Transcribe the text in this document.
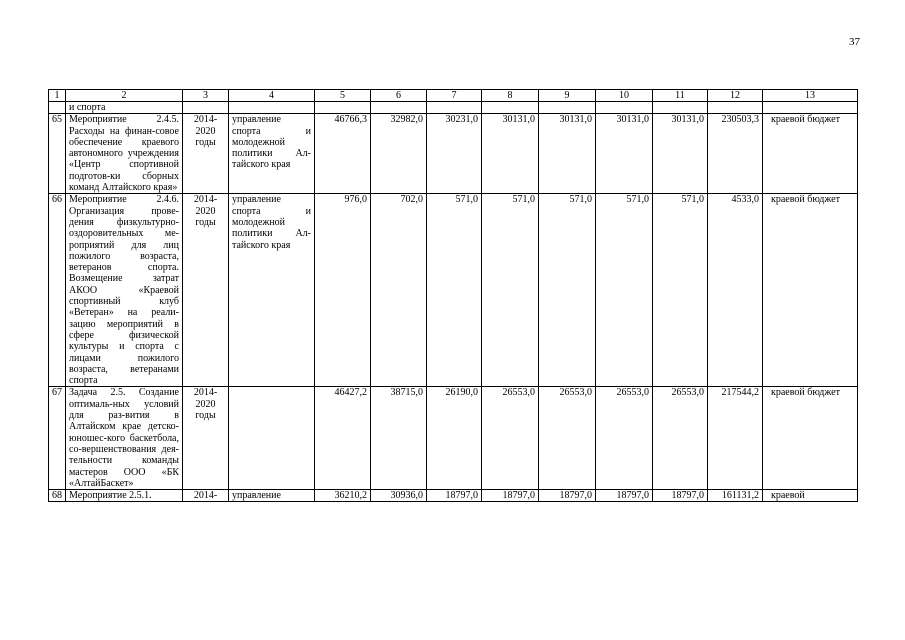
37
1	2	3	4	5	6	7	8	9	10	11	12	13
	и спорта											
65	Мероприятие 2.4.5. Расходы на финан-совое обеспечение краевого автономного учреждения «Центр спортивной подготов-ки сборных команд Алтайского края»	2014-2020 годы	управление спорта и молодежной политики Ал-тайского края	46766,3	32982,0	30231,0	30131,0	30131,0	30131,0	30131,0	230503,3	краевой бюджет
66	Мероприятие 2.4.6. Организация прове-дения физкультурно-оздоровительных ме-роприятий для лиц пожилого возраста, ветеранов спорта. Возмещение затрат АКОО «Краевой спортивный клуб «Ветеран» на реали-зацию мероприятий в сфере физической культуры и спорта с лицами пожилого возраста, ветеранами спорта	2014-2020 годы	управление спорта и молодежной политики Ал-тайского края	976,0	702,0	571,0	571,0	571,0	571,0	571,0	4533,0	краевой бюджет
67	Задача 2.5. Создание оптималь-ных условий для раз-вития в Алтайском крае детско-юношес-кого баскетбола, со-вершенствования дея-тельности команды мастеров ООО «БК «АлтайБаскет»	2014-2020 годы		46427,2	38715,0	26190,0	26553,0	26553,0	26553,0	26553,0	217544,2	краевой бюджет
68	Мероприятие 2.5.1.	2014-	управление	36210,2	30936,0	18797,0	18797,0	18797,0	18797,0	18797,0	161131,2	краевой
